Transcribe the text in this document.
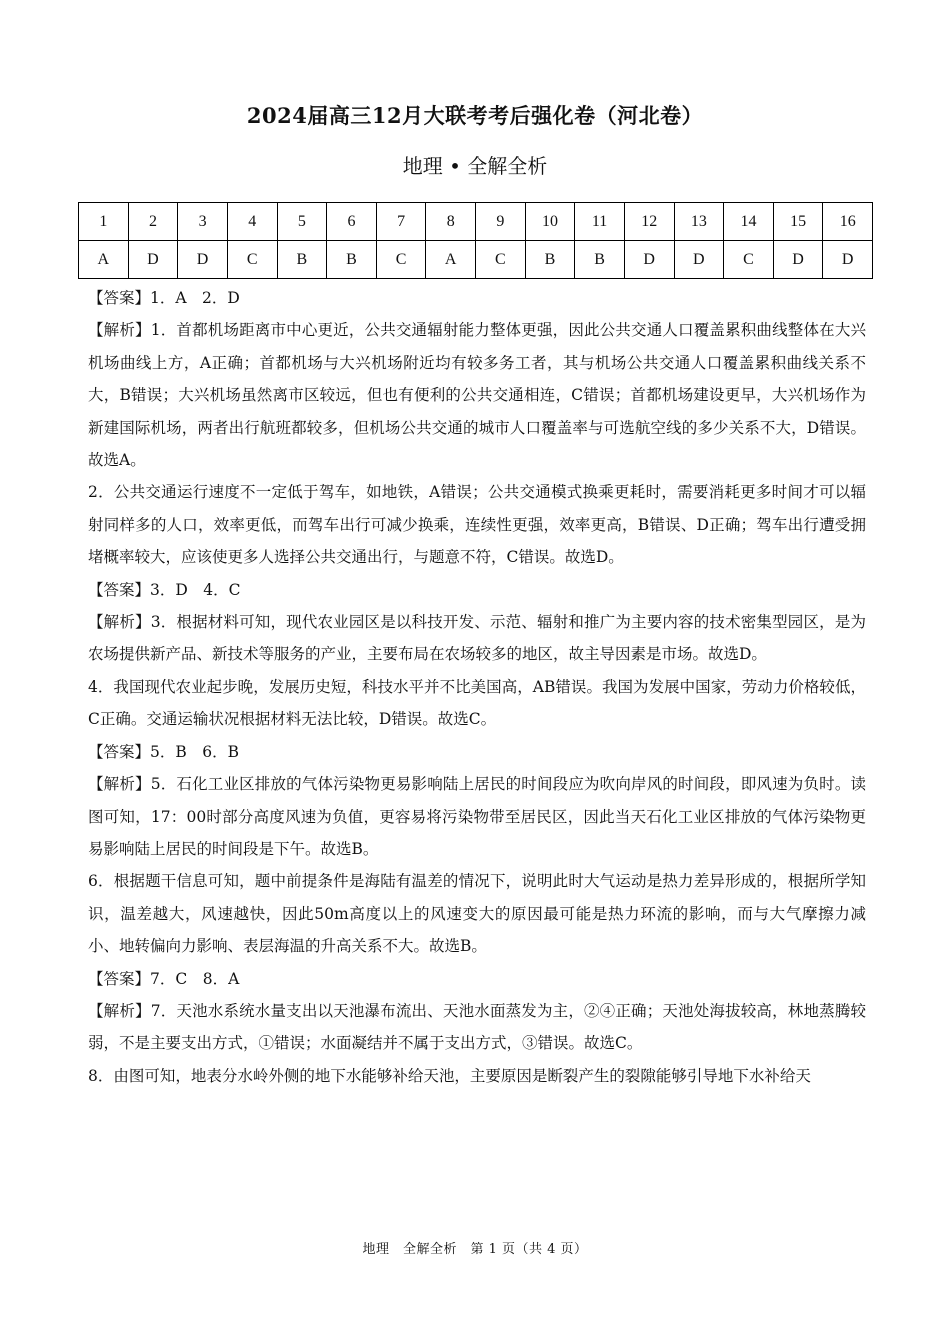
2024届高三12月大联考考后强化卷（河北卷）
地理 • 全解全析
1	2	3	4	5	6	7	8	9	10	11	12	13	14	15	16
A	D	D	C	B	B	C	A	C	B	B	D	D	C	D	D

【答案】1．A　2．D

【解析】1．首都机场距离市中心更近，公共交通辐射能力整体更强，因此公共交通人口覆盖累积曲线整体在大兴机场曲线上方，A正确；首都机场与大兴机场附近均有较多务工者，其与机场公共交通人口覆盖累积曲线关系不大，B错误；大兴机场虽然离市区较远，但也有便利的公共交通相连，C错误；首都机场建设更早，大兴机场作为新建国际机场，两者出行航班都较多，但机场公共交通的城市人口覆盖率与可选航空线的多少关系不大，D错误。故选A。

2．公共交通运行速度不一定低于驾车，如地铁，A错误；公共交通模式换乘更耗时，需要消耗更多时间才可以辐射同样多的人口，效率更低，而驾车出行可减少换乘，连续性更强，效率更高，B错误、D正确；驾车出行遭受拥堵概率较大，应该使更多人选择公共交通出行，与题意不符，C错误。故选D。

【答案】3．D　4．C

【解析】3．根据材料可知，现代农业园区是以科技开发、示范、辐射和推广为主要内容的技术密集型园区，是为农场提供新产品、新技术等服务的产业，主要布局在农场较多的地区，故主导因素是市场。故选D。

4．我国现代农业起步晚，发展历史短，科技水平并不比美国高，AB错误。我国为发展中国家，劳动力价格较低，C正确。交通运输状况根据材料无法比较，D错误。故选C。

【答案】5．B　6．B

【解析】5．石化工业区排放的气体污染物更易影响陆上居民的时间段应为吹向岸风的时间段，即风速为负时。读图可知，17：00时部分高度风速为负值，更容易将污染物带至居民区，因此当天石化工业区排放的气体污染物更易影响陆上居民的时间段是下午。故选B。

6．根据题干信息可知，题中前提条件是海陆有温差的情况下，说明此时大气运动是热力差异形成的，根据所学知识，温差越大，风速越快，因此50m高度以上的风速变大的原因最可能是热力环流的影响，而与大气摩擦力减小、地转偏向力影响、表层海温的升高关系不大。故选B。

【答案】7．C　8．A

【解析】7．天池水系统水量支出以天池瀑布流出、天池水面蒸发为主，②④正确；天池处海拔较高，林地蒸腾较弱，不是主要支出方式，①错误；水面凝结并不属于支出方式，③错误。故选C。

8．由图可知，地表分水岭外侧的地下水能够补给天池，主要原因是断裂产生的裂隙能够引导地下水补给天

地理　全解全析　第 1 页（共 4 页）
